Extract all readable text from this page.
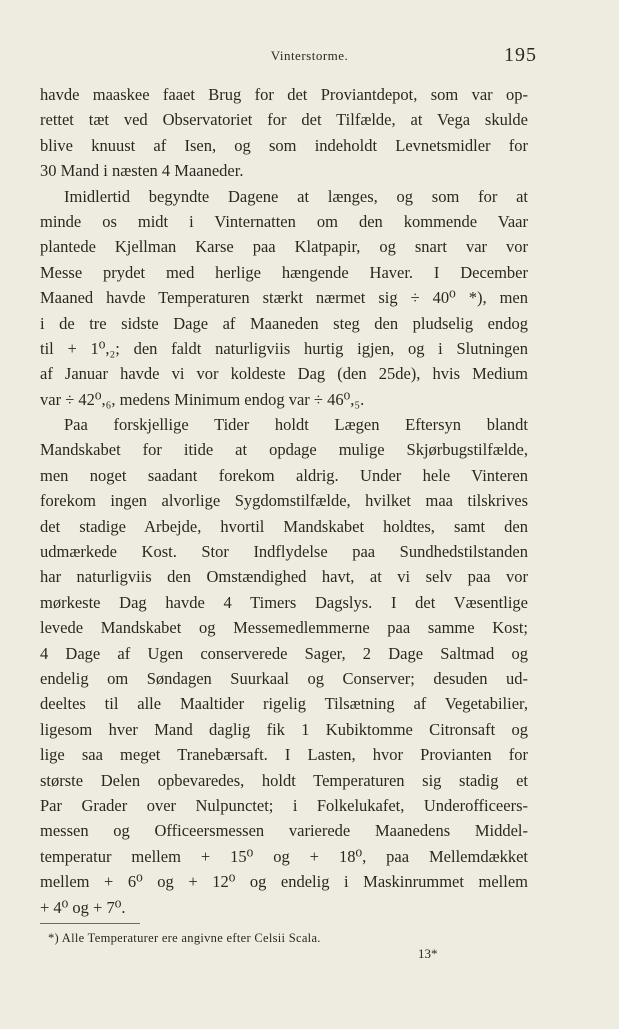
Vinterstorme.	195
havde maaskee faaet Brug for det Proviantdepot, som var op-
rettet tæt ved Observatoriet for det Tilfælde, at Vega skulde
blive knuust af Isen, og som indeholdt Levnetsmidler for
30 Mand i næsten 4 Maaneder.
Imidlertid begyndte Dagene at længes, og som for at
minde os midt i Vinternatten om den kommende Vaar
plantede Kjellman Karse paa Klatpapir, og snart var vor
Messe prydet med herlige hængende Haver. I December
Maaned havde Temperaturen stærkt nærmet sig ÷ 40⁰ *), men
i de tre sidste Dage af Maaneden steg den pludselig endog
til + 1⁰,₂; den faldt naturligviis hurtig igjen, og i Slutningen
af Januar havde vi vor koldeste Dag (den 25de), hvis Medium
var ÷ 42⁰,₆, medens Minimum endog var ÷ 46⁰,₅.
Paa forskjellige Tider holdt Lægen Eftersyn blandt
Mandskabet for itide at opdage mulige Skjørbugstilfælde,
men noget saadant forekom aldrig. Under hele Vinteren
forekom ingen alvorlige Sygdomstilfælde, hvilket maa tilskrives
det stadige Arbejde, hvortil Mandskabet holdtes, samt den
udmærkede Kost. Stor Indflydelse paa Sundhedstilstanden
har naturligviis den Omstændighed havt, at vi selv paa vor
mørkeste Dag havde 4 Timers Dagslys. I det Væsentlige
levede Mandskabet og Messemedlemmerne paa samme Kost;
4 Dage af Ugen conserverede Sager, 2 Dage Saltmad og
endelig om Søndagen Suurkaal og Conserver; desuden ud-
deeltes til alle Maaltider rigelig Tilsætning af Vegetabilier,
ligesom hver Mand daglig fik 1 Kubiktomme Citronsaft og
lige saa meget Tranebærsaft. I Lasten, hvor Provianten for
største Delen opbevaredes, holdt Temperaturen sig stadig et
Par Grader over Nulpunctet; i Folkelukafet, Underofficeers-
messen og Officeersmessen varierede Maanedens Middel-
temperatur mellem + 15⁰ og + 18⁰, paa Mellemdækket
mellem + 6⁰ og + 12⁰ og endelig i Maskinrummet mellem
+ 4⁰ og + 7⁰.
*) Alle Temperaturer ere angivne efter Celsii Scala.
13*
